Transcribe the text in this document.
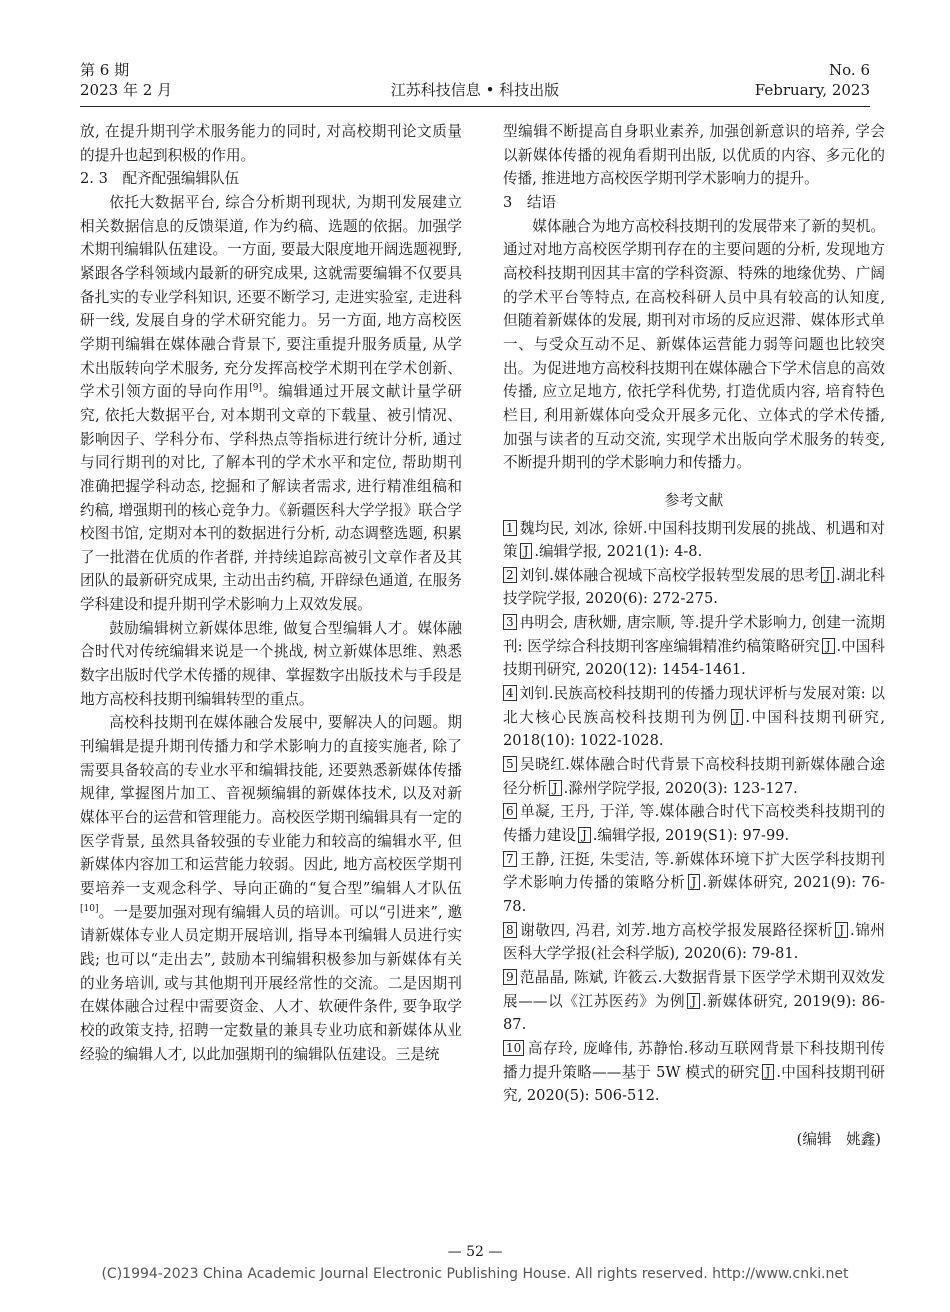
第 6 期
2023 年 2 月	江苏科技信息 • 科技出版
No. 6
February, 2023

放, 在提升期刊学术服务能力的同时, 对高校期刊论文质量的提升也起到积极的作用。

2. 3　配齐配强编辑队伍

依托大数据平台, 综合分析期刊现状, 为期刊发展建立相关数据信息的反馈渠道, 作为约稿、选题的依据。加强学术期刊编辑队伍建设。一方面, 要最大限度地开阔选题视野, 紧跟各学科领域内最新的研究成果, 这就需要编辑不仅要具备扎实的专业学科知识, 还要不断学习, 走进实验室, 走进科研一线, 发展自身的学术研究能力。另一方面, 地方高校医学期刊编辑在媒体融合背景下, 要注重提升服务质量, 从学术出版转向学术服务, 充分发挥高校学术期刊在学术创新、学术引领方面的导向作用[9]。编辑通过开展文献计量学研究, 依托大数据平台, 对本期刊文章的下载量、被引情况、影响因子、学科分布、学科热点等指标进行统计分析, 通过与同行期刊的对比, 了解本刊的学术水平和定位, 帮助期刊准确把握学科动态, 挖掘和了解读者需求, 进行精准组稿和约稿, 增强期刊的核心竞争力。《新疆医科大学学报》联合学校图书馆, 定期对本刊的数据进行分析, 动态调整选题, 积累了一批潜在优质的作者群, 并持续追踪高被引文章作者及其团队的最新研究成果, 主动出击约稿, 开辟绿色通道, 在服务学科建设和提升期刊学术影响力上双效发展。

鼓励编辑树立新媒体思维, 做复合型编辑人才。媒体融合时代对传统编辑来说是一个挑战, 树立新媒体思维、熟悉数字出版时代学术传播的规律、掌握数字出版技术与手段是地方高校科技期刊编辑转型的重点。

高校科技期刊在媒体融合发展中, 要解决人的问题。期刊编辑是提升期刊传播力和学术影响力的直接实施者, 除了需要具备较高的专业水平和编辑技能, 还要熟悉新媒体传播规律, 掌握图片加工、音视频编辑的新媒体技术, 以及对新媒体平台的运营和管理能力。高校医学期刊编辑具有一定的医学背景, 虽然具备较强的专业能力和较高的编辑水平, 但新媒体内容加工和运营能力较弱。因此, 地方高校医学期刊要培养一支观念科学、导向正确的“复合型”编辑人才队伍[10]。一是要加强对现有编辑人员的培训。可以“引进来”, 邀请新媒体专业人员定期开展培训, 指导本刊编辑人员进行实践; 也可以“走出去”, 鼓励本刊编辑积极参加与新媒体有关的业务培训, 或与其他期刊开展经常性的交流。二是因期刊在媒体融合过程中需要资金、人才、软硬件条件, 要争取学校的政策支持, 招聘一定数量的兼具专业功底和新媒体从业经验的编辑人才, 以此加强期刊的编辑队伍建设。三是统

型编辑不断提高自身职业素养, 加强创新意识的培养, 学会以新媒体传播的视角看期刊出版, 以优质的内容、多元化的传播, 推进地方高校医学期刊学术影响力的提升。

3　结语

媒体融合为地方高校科技期刊的发展带来了新的契机。通过对地方高校医学期刊存在的主要问题的分析, 发现地方高校科技期刊因其丰富的学科资源、特殊的地缘优势、广阔的学术平台等特点, 在高校科研人员中具有较高的认知度, 但随着新媒体的发展, 期刊对市场的反应迟滞、媒体形式单一、与受众互动不足、新媒体运营能力弱等问题也比较突出。为促进地方高校科技期刊在媒体融合下学术信息的高效传播, 应立足地方, 依托学科优势, 打造优质内容, 培育特色栏目, 利用新媒体向受众开展多元化、立体式的学术传播, 加强与读者的互动交流, 实现学术出版向学术服务的转变, 不断提升期刊的学术影响力和传播力。

参考文献

1 魏均民, 刘冰, 徐妍.中国科技期刊发展的挑战、机遇和对策 J .编辑学报, 2021(1): 4-8.

2 刘钊.媒体融合视域下高校学报转型发展的思考 J .湖北科技学院学报, 2020(6): 272-275.

3 冉明会, 唐秋姗, 唐宗顺, 等.提升学术影响力, 创建一流期刊: 医学综合科技期刊客座编辑精准约稿策略研究 J .中国科技期刊研究, 2020(12): 1454-1461.

4 刘钊.民族高校科技期刊的传播力现状评析与发展对策: 以北大核心民族高校科技期刊为例 J .中国科技期刊研究, 2018(10): 1022-1028.

5 吴晓红.媒体融合时代背景下高校科技期刊新媒体融合途径分析 J .滁州学院学报, 2020(3): 123-127.

6 单凝, 王丹, 于洋, 等.媒体融合时代下高校类科技期刊的传播力建设 J .编辑学报, 2019(S1): 97-99.

7 王静, 汪挺, 朱雯洁, 等.新媒体环境下扩大医学科技期刊学术影响力传播的策略分析 J .新媒体研究, 2021(9): 76-78.

8 谢敬四, 冯君, 刘芳.地方高校学报发展路径探析 J .锦州医科大学学报(社会科学版), 2020(6): 79-81.

9 范晶晶, 陈斌, 许筱云.大数据背景下医学学术期刊双效发展——以《江苏医药》为例 J .新媒体研究, 2019(9): 86-87.

10 高存玲, 庞峰伟, 苏静怡.移动互联网背景下科技期刊传播力提升策略——基于 5W 模式的研究 J .中国科技期刊研究, 2020(5): 506-512.

(编辑　姚鑫)
— 52 —
(C)1994-2023 China Academic Journal Electronic Publishing House. All rights reserved. http://www.cnki.net
